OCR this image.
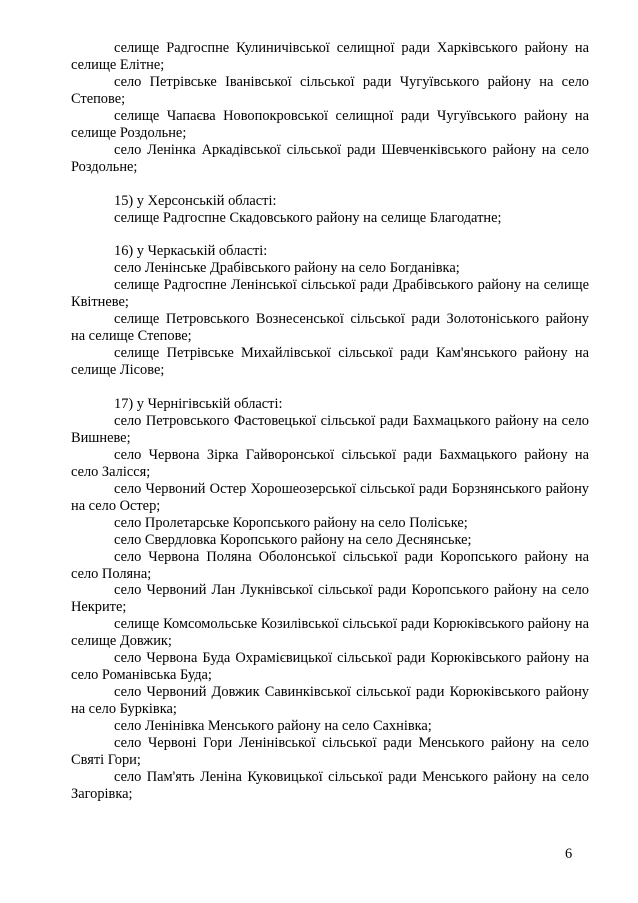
селище Радгоспне Кулиничівської селищної ради Харківського району на селище Елітне;

село Петрівське Іванівської сільської ради Чугуївського району на село Степове;

селище Чапаєва Новопокровської селищної ради Чугуївського району на селище Роздольне;

село Ленінка Аркадівської сільської ради Шевченківського району на село Роздольне;

15) у Херсонській області:

селище Радгоспне Скадовського району на селище Благодатне;

16) у Черкаській області:

село Ленінське Драбівського району на село Богданівка;

селище Радгоспне Ленінської сільської ради Драбівського району на селище Квітневе;

селище Петровського Вознесенської сільської ради Золотоніського району на селище Степове;

селище Петрівське Михайлівської сільської ради Кам'янського району на селище Лісове;

17) у Чернігівській області:

село Петровського Фастовецької сільської ради Бахмацького району на село Вишневе;

село Червона Зірка Гайворонської сільської ради Бахмацького району на село Залісся;

село Червоний Остер Хорошеозерської сільської ради Борзнянського району на село Остер;

село Пролетарське Коропського району на село Поліське;

село Свердловка Коропського району на село Деснянське;

село Червона Поляна Оболонської сільської ради Коропського району на село Поляна;

село Червоний Лан Лукнівської сільської ради Коропського району на село Некрите;

селище Комсомольське Козилівської сільської ради Корюківського району на селище Довжик;

село Червона Буда Охрамієвицької сільської ради Корюківського району на село Романівська Буда;

село Червоний Довжик Савинківської сільської ради Корюківського району на село Бурківка;

село Ленінівка Менського району на село Сахнівка;

село Червоні Гори Ленінівської сільської ради Менського району на село Святі Гори;

село Пам'ять Леніна Куковицької сільської ради Менського району на село Загорівка;

6
